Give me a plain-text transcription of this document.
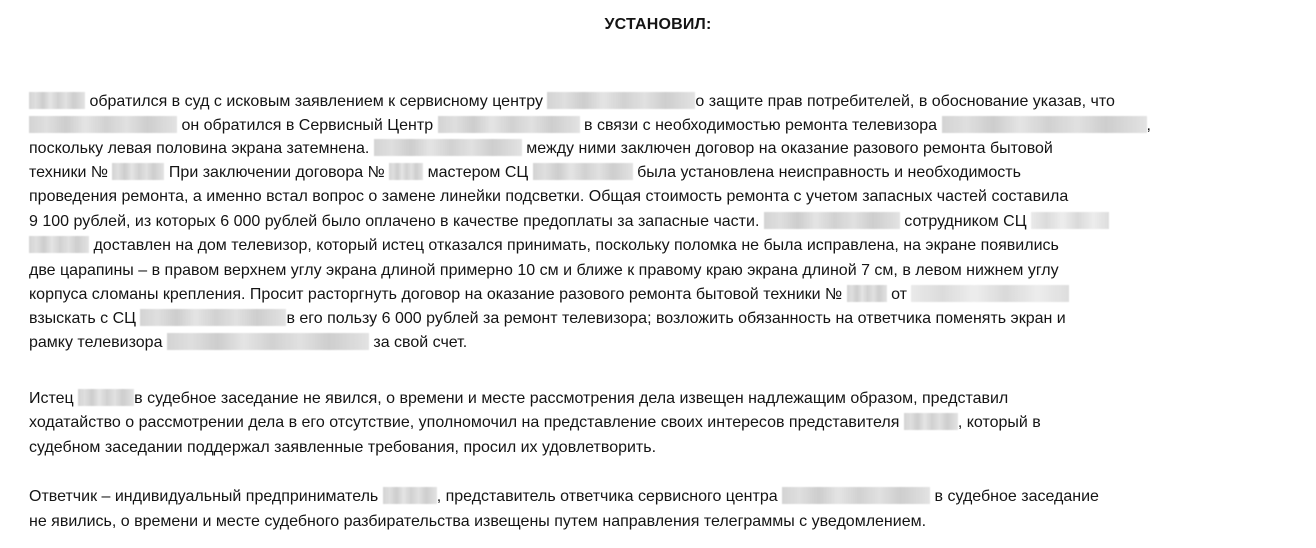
УСТАНОВИЛ:
обратился в суд с исковым заявлением к сервисному центру	о защите прав потребителей, в обоснование указав, что
он обратился в Сервисный Центр	в связи с необходимостью ремонта телевизора	,
поскольку левая половина экрана затемнена.	между ними заключен договор на оказание разового ремонта бытовой
техники №	При заключении договора №  мастером СЦ	была установлена неисправность и необходимость
проведения ремонта, а именно встал вопрос о замене линейки подсветки. Общая стоимость ремонта с учетом запасных частей составила
9 100 рублей, из которых 6 000 рублей было оплачено в качестве предоплаты за запасные части.	сотрудником СЦ
доставлен на дом телевизор, который истец отказался принимать, поскольку поломка не была исправлена, на экране появились
две царапины – в правом верхнем углу экрана длиной примерно 10 см и ближе к правому краю экрана длиной 7 см, в левом нижнем углу
корпуса сломаны крепления. Просит расторгнуть договор на оказание разового ремонта бытовой техники №	от
взыскать с СЦ	в его пользу 6 000 рублей за ремонт телевизора; возложить обязанность на ответчика поменять экран и
рамку телевизора	за свой счет.
Истец	в судебное заседание не явился, о времени и месте рассмотрения дела извещен надлежащим образом, представил
ходатайство о рассмотрении дела в его отсутствие, уполномочил на представление своих интересов представителя	, который в
судебном заседании поддержал заявленные требования, просил их удовлетворить.
Ответчик – индивидуальный предприниматель	, представитель ответчика сервисного центра	в судебное заседание
не явились, о времени и месте судебного разбирательства извещены путем направления телеграммы с уведомлением.
